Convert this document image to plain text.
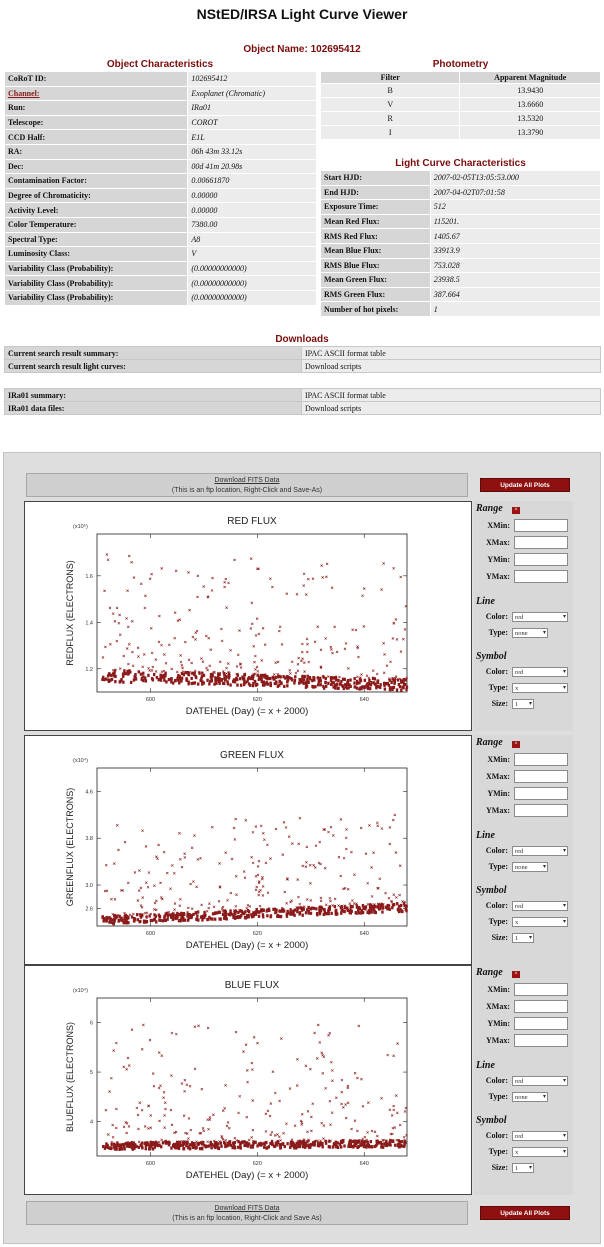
NStED/IRSA Light Curve Viewer
Object Name: 102695412
Object Characteristics
CoRoT ID:	102695412
Channel:	Exoplanet (Chromatic)
Run:	IRa01
Telescope:	COROT
CCD Half:	E1L
RA:	06h 43m 33.12s
Dec:	00d 41m 20.98s
Contamination Factor:	0.00661870
Degree of Chromaticity:	0.00000
Activity Level:	0.00000
Color Temperature:	7380.00
Spectral Type:	A8
Luminosity Class:	V
Variability Class (Probability):	(0.00000000000)
Variability Class (Probability):	(0.00000000000)
Variability Class (Probability):	(0.00000000000)
Photometry
Filter	Apparent Magnitude
B	13.9430
V	13.6660
R	13.5320
I	13.3790
Light Curve Characteristics
Start HJD:	2007-02-05T13:05:53.000
End HJD:	2007-04-02T07:01:58
Exposure Time:	512
Mean Red Flux:	115201.
RMS Red Flux:	1405.67
Mean Blue Flux:	33913.9
RMS Blue Flux:	753.028
Mean Green Flux:	23938.5
RMS Green Flux:	387.664
Number of hot pixels:	1
Downloads
Current search result summary:	IPAC ASCII format table
Current search result light curves:	Download scripts
IRa01 summary:	IPAC ASCII format table
IRa01 data files:	Download scripts
Download FITS Data
(This is an ftp location, Right-Click and Save-As)
Update All Plots
RED FLUX
(x10⁵)
600	620	640
1.2
1.4
1.6
DATEHEL (Day) (= x + 2000)
REDFLUX (ELECTRONS)
Range	×
XMin:
XMax:
YMin:
YMax:
Line
Color:	red	▾
Type:	none	▾
Symbol
Color:	red	▾
Type:	x	▾
Size:	1 ▾
GREEN FLUX
(x10⁴)
600	620	640
2.6
3.0
3.8
4.6
DATEHEL (Day) (= x + 2000)
GREENFLUX (ELECTRONS)
Range	×
XMin:
XMax:
YMin:
YMax:
Line
Color:	red	▾
Type:	none	▾
Symbol
Color:	red	▾
Type:	x	▾
Size:	1 ▾
BLUE FLUX
(x10⁴)
600	620	640
4
5
6
DATEHEL (Day) (= x + 2000)
BLUEFLUX (ELECTRONS)
Range	×
XMin:
XMax:
YMin:
YMax:
Line
Color:	red	▾
Type:	none	▾
Symbol
Color:	red	▾
Type:	x	▾
Size:	1 ▾
Download FITS Data
(This is an ftp location, Right-Click and Save As)
Update All Plots
